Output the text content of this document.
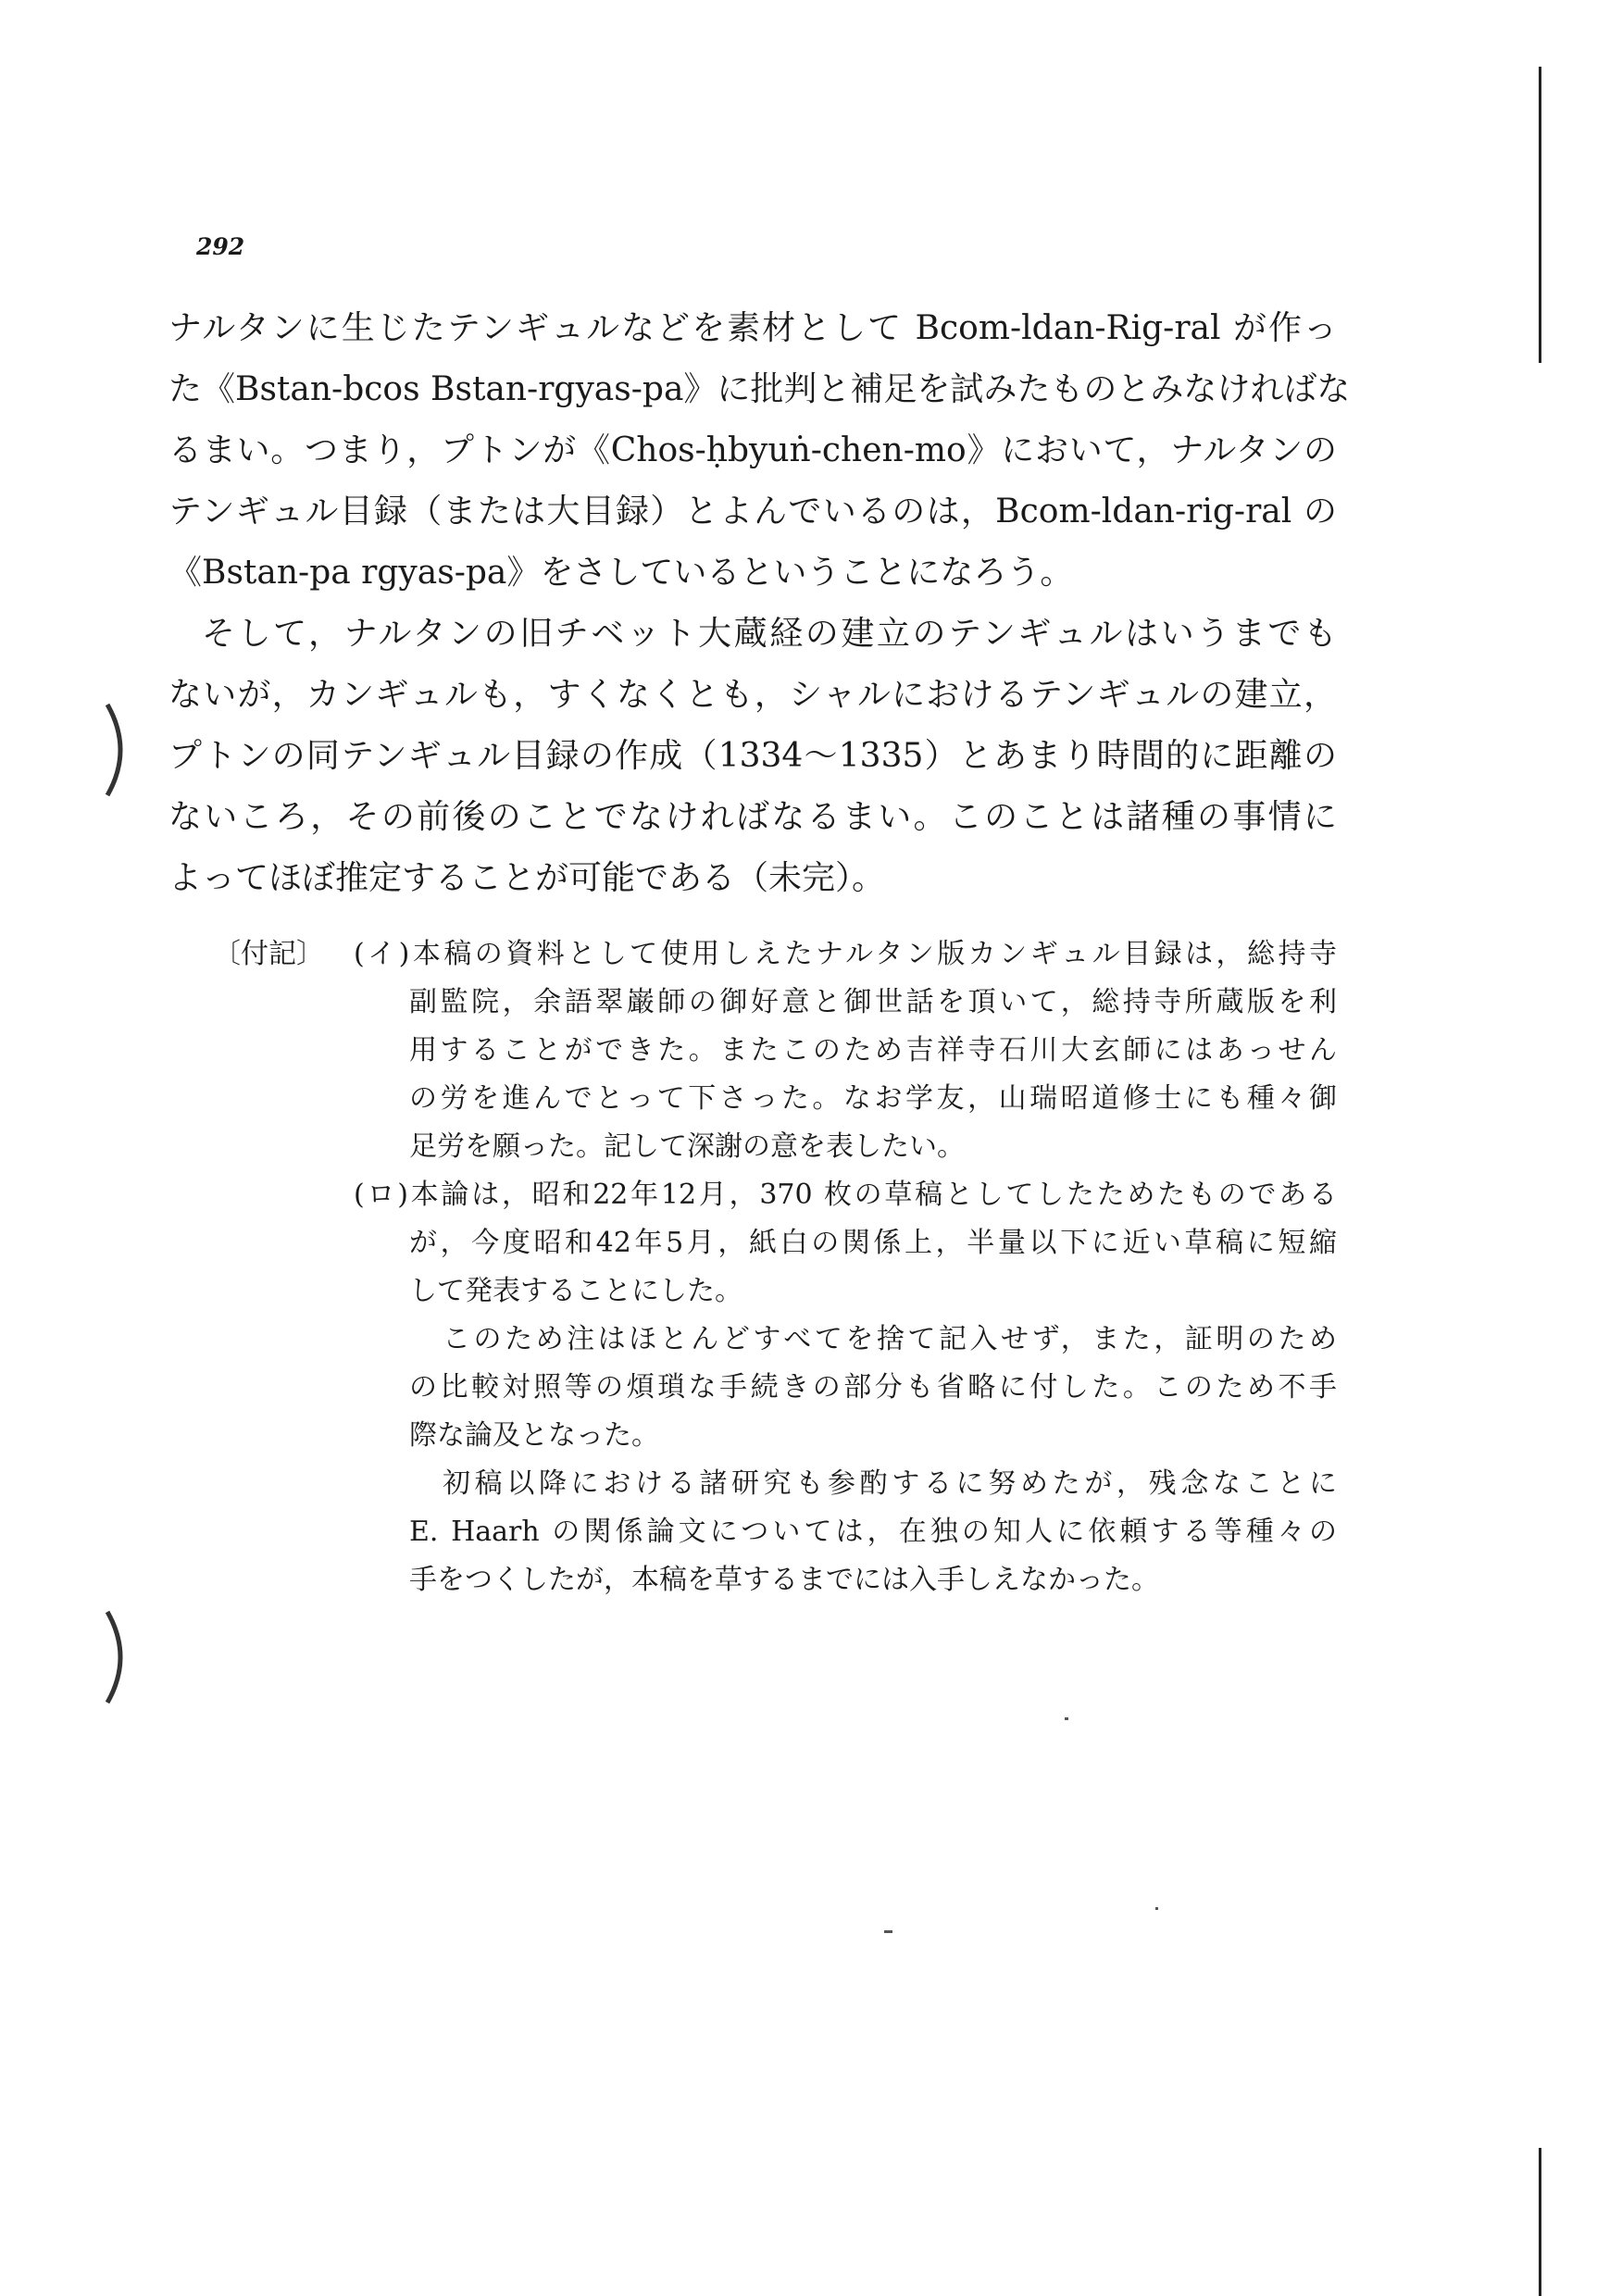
292
ナルタンに生じたテンギュルなどを素材として Bcom-ldan-Rig-ral が作っ
た《Bstan-bcos Bstan-rgyas-pa》に批判と補足を試みたものとみなければな
るまい。つまり，プトンが《Chos-ḥbyuṅ-chen-mo》において，ナルタンの
テンギュル目録（または大目録）とよんでいるのは，Bcom-ldan-rig-ral の
《Bstan-pa rgyas-pa》をさしているということになろう。
そして，ナルタンの旧チベット大蔵経の建立のテンギュルはいうまでも
ないが，カンギュルも，すくなくとも，シャルにおけるテンギュルの建立，
プトンの同テンギュル目録の作成（1334〜1335）とあまり時間的に距離の
ないころ，その前後のことでなければなるまい。このことは諸種の事情に
よってほぼ推定することが可能である（未完）。
〔付記〕 (イ)本稿の資料として使用しえたナルタン版カンギュル目録は，総持寺
副監院，余語翠巌師の御好意と御世話を頂いて，総持寺所蔵版を利
用することができた。またこのため吉祥寺石川大玄師にはあっせん
の労を進んでとって下さった。なお学友，山瑞昭道修士にも種々御
足労を願った。記して深謝の意を表したい。
(ロ)本論は，昭和22年12月，370 枚の草稿としてしたためたものである
が，今度昭和42年5月，紙白の関係上，半量以下に近い草稿に短縮
して発表することにした。
このため注はほとんどすべてを捨て記入せず，また，証明のため
の比較対照等の煩瑣な手続きの部分も省略に付した。このため不手
際な論及となった。
初稿以降における諸研究も参酌するに努めたが，残念なことに
E. Haarh の関係論文については，在独の知人に依頼する等種々の
手をつくしたが，本稿を草するまでには入手しえなかった。
